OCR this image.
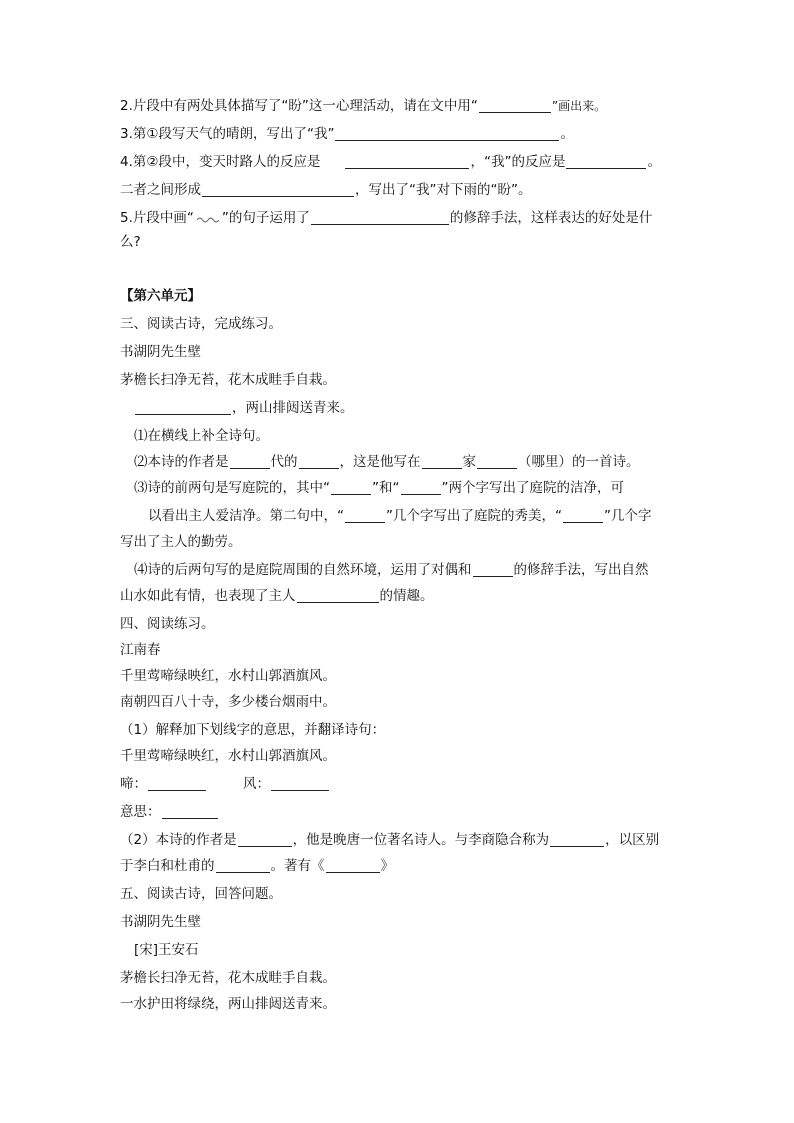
2.片段中有两处具体描写了“盼”这一心理活动，请在文中用“	”画出来。
3.第①段写天气的晴朗，写出了“我”	。
4.第②段中，变天时路人的反应是	，“我”的反应是	。
二者之间形成	，写出了“我”对下雨的“盼”。
5.片段中画“ ”的句子运用了	的修辞手法，这样表达的好处是什
么?
【第六单元】
三、阅读古诗，完成练习。
书湖阴先生壁
茅檐长扫净无苔，花木成畦手自栽。
，两山排闼送青来。
⑴在横线上补全诗句。
⑵本诗的作者是	代的	，这是他写在	家	（哪里）的一首诗。
⑶诗的前两句是写庭院的，其中“	”和“	”两个字写出了庭院的洁净，可
以看出主人爱洁净。第二句中，“	”几个字写出了庭院的秀美，“	”几个字
写出了主人的勤劳。
⑷诗的后两句写的是庭院周围的自然环境，运用了对偶和	的修辞手法，写出自然
山水如此有情，也表现了主人	的情趣。
四、阅读练习。
江南春
千里莺啼绿映红，水村山郭酒旗风。
南朝四百八十寺，多少楼台烟雨中。
（1）解释加下划线字的意思，并翻译诗句：
千里莺啼绿映红，水村山郭酒旗风。
啼：	风：
意思：
（2）本诗的作者是	，他是晚唐一位著名诗人。与李商隐合称为	，以区别
于李白和杜甫的	。著有《	》
五、阅读古诗，回答问题。
书湖阴先生壁
[宋]王安石
茅檐长扫净无苔，花木成畦手自栽。
一水护田将绿绕，两山排闼送青来。
